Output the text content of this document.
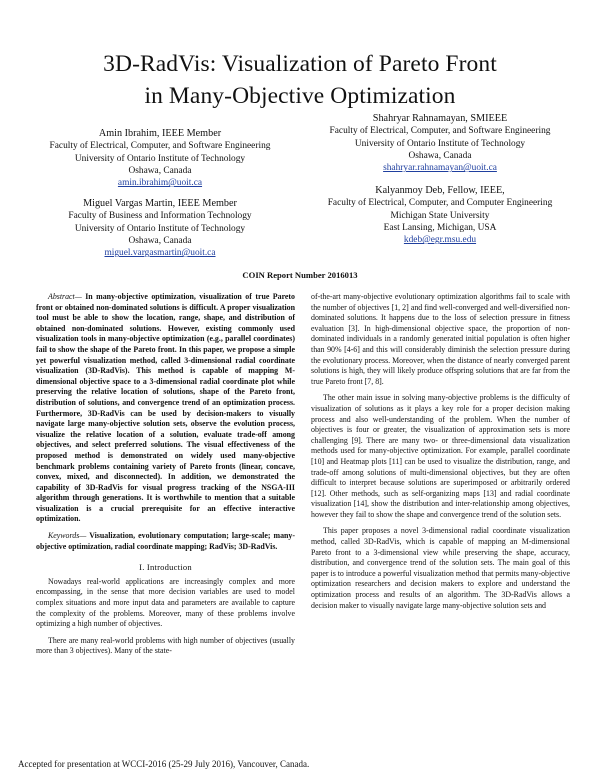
3D-RadVis: Visualization of Pareto Front
in Many-Objective Optimization
Amin Ibrahim, IEEE Member
Faculty of Electrical, Computer, and Software Engineering
University of Ontario Institute of Technology
Oshawa, Canada
amin.ibrahim@uoit.ca
Shahryar Rahnamayan, SMIEEE
Faculty of Electrical, Computer, and Software Engineering
University of Ontario Institute of Technology
Oshawa, Canada
shahryar.rahnamayan@uoit.ca
Miguel Vargas Martin, IEEE Member
Faculty of Business and Information Technology
University of Ontario Institute of Technology
Oshawa, Canada
miguel.vargasmartin@uoit.ca
Kalyanmoy Deb, Fellow, IEEE,
Faculty of Electrical, Computer, and Computer Engineering
Michigan State University
East Lansing, Michigan, USA
kdeb@egr.msu.edu
COIN Report Number 2016013

Abstract— In many-objective optimization, visualization of true Pareto front or obtained non-dominated solutions is difficult. A proper visualization tool must be able to show the location, range, shape, and distribution of obtained non-dominated solutions. However, existing commonly used visualization tools in many-objective optimization (e.g., parallel coordinates) fail to show the shape of the Pareto front. In this paper, we propose a simple yet powerful visualization method, called 3-dimensional radial coordinate visualization (3D-RadVis). This method is capable of mapping M-dimensional objective space to a 3-dimensional radial coordinate plot while preserving the relative location of solutions, shape of the Pareto front, distribution of solutions, and convergence trend of an optimization process. Furthermore, 3D-RadVis can be used by decision-makers to visually navigate large many-objective solution sets, observe the evolution process, visualize the relative location of a solution, evaluate trade-off among objectives, and select preferred solutions. The visual effectiveness of the proposed method is demonstrated on widely used many-objective benchmark problems containing variety of Pareto fronts (linear, concave, convex, mixed, and disconnected). In addition, we demonstrated the capability of 3D-RadVis for visual progress tracking of the NSGA-III algorithm through generations. It is worthwhile to mention that a suitable visualization is a crucial prerequisite for an effective interactive optimization.

Keywords— Visualization, evolutionary computation; large-scale; many-objective optimization, radial coordinate mapping; RadVis; 3D-RadVis.

I. Introduction

Nowadays real-world applications are increasingly complex and more encompassing, in the sense that more decision variables are used to model complex situations and more input data and parameters are available to capture the complexity of the problems. Moreover, many of these problems involve optimizing a high number of objectives.

There are many real-world problems with high number of objectives (usually more than 3 objectives). Many of the state-

of-the-art many-objective evolutionary optimization algorithms fail to scale with the number of objectives [1, 2] and find well-converged and well-diversified non-dominated solutions. It happens due to the loss of selection pressure in fitness evaluation [3]. In high-dimensional objective space, the proportion of non-dominated individuals in a randomly generated initial population is often higher than 90% [4-6] and this will considerably diminish the selection pressure during the evolutionary process. Moreover, when the distance of nearly converged parent solutions is high, they will likely produce offspring solutions that are far from the true Pareto front [7, 8].

The other main issue in solving many-objective problems is the difficulty of visualization of solutions as it plays a key role for a proper decision making process and also well-understanding of the problem. When the number of objectives is four or greater, the visualization of approximation sets is more challenging [9]. There are many two- or three-dimensional data visualization methods used for many-objective optimization. For example, parallel coordinate [10] and Heatmap plots [11] can be used to visualize the distribution, range, and trade-off among solutions of multi-dimensional objectives, but they are often difficult to interpret because solutions are superimposed or arbitrarily ordered [12]. Other methods, such as self-organizing maps [13] and radial coordinate visualization [14], show the distribution and inter-relationship among objectives, however they fail to show the shape and convergence trend of the solution sets.

This paper proposes a novel 3-dimensional radial coordinate visualization method, called 3D-RadVis, which is capable of mapping an M-dimensional Pareto front to a 3-dimensional view while preserving the shape, accuracy, distribution, and convergence trend of the solution sets. The main goal of this paper is to introduce a powerful visualization method that permits many-objective optimization researchers and decision makers to explore and understand the optimization process and results of an algorithm. The 3D-RadVis allows a decision maker to visually navigate large many-objective solution sets and

Accepted for presentation at WCCI-2016 (25-29 July 2016), Vancouver, Canada.
